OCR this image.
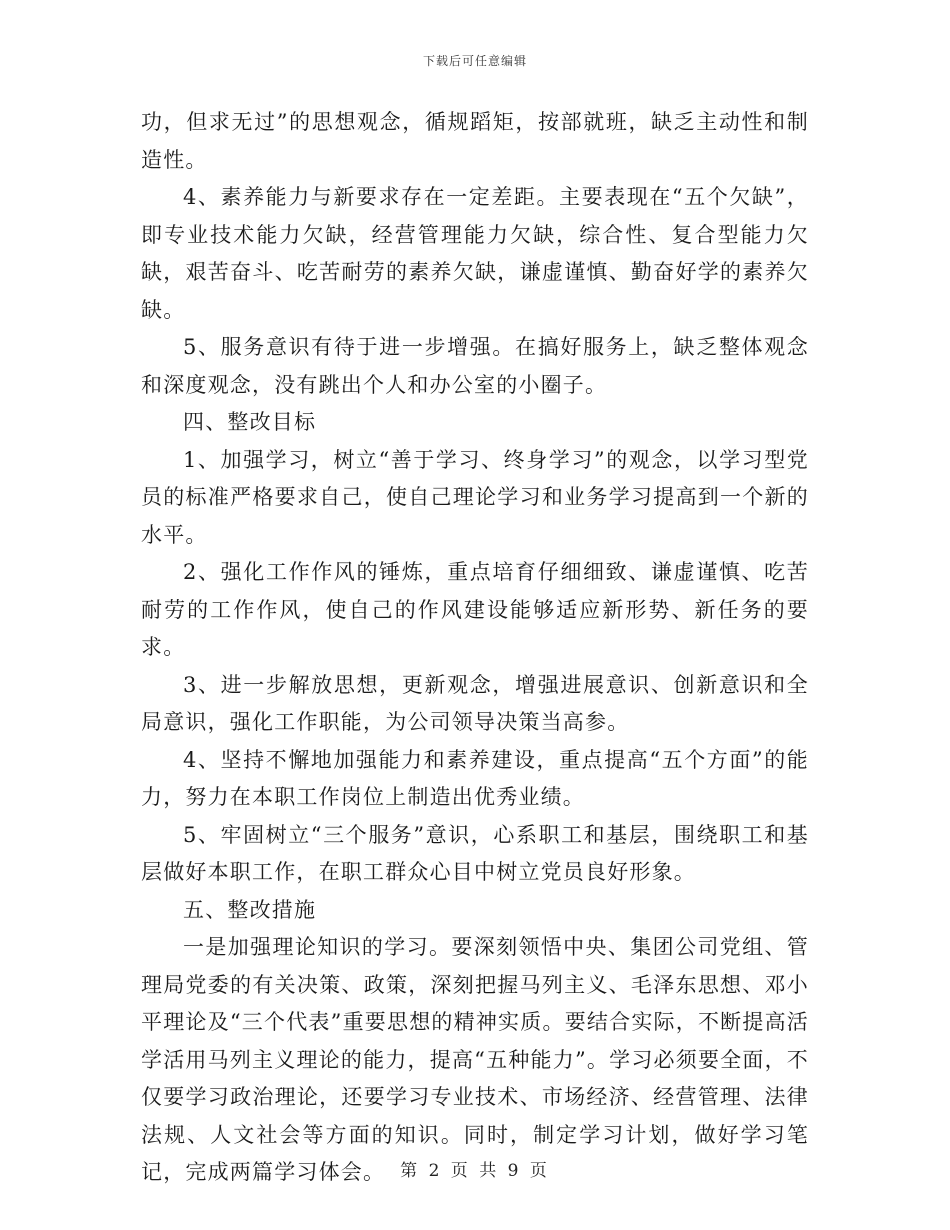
下载后可任意编辑

功，但求无过”的思想观念，循规蹈矩，按部就班，缺乏主动性和制造性。

4、素养能力与新要求存在一定差距。主要表现在“五个欠缺”，即专业技术能力欠缺，经营管理能力欠缺，综合性、复合型能力欠缺，艰苦奋斗、吃苦耐劳的素养欠缺，谦虚谨慎、勤奋好学的素养欠缺。

5、服务意识有待于进一步增强。在搞好服务上，缺乏整体观念和深度观念，没有跳出个人和办公室的小圈子。

四、整改目标

1、加强学习，树立“善于学习、终身学习”的观念，以学习型党员的标准严格要求自己，使自己理论学习和业务学习提高到一个新的水平。

2、强化工作作风的锤炼，重点培育仔细细致、谦虚谨慎、吃苦耐劳的工作作风，使自己的作风建设能够适应新形势、新任务的要求。

3、进一步解放思想，更新观念，增强进展意识、创新意识和全局意识，强化工作职能，为公司领导决策当高参。

4、坚持不懈地加强能力和素养建设，重点提高“五个方面”的能力，努力在本职工作岗位上制造出优秀业绩。

5、牢固树立“三个服务”意识，心系职工和基层，围绕职工和基层做好本职工作，在职工群众心目中树立党员良好形象。

五、整改措施

一是加强理论知识的学习。要深刻领悟中央、集团公司党组、管理局党委的有关决策、政策，深刻把握马列主义、毛泽东思想、邓小平理论及“三个代表”重要思想的精神实质。要结合实际，不断提高活学活用马列主义理论的能力，提高“五种能力”。学习必须要全面，不仅要学习政治理论，还要学习专业技术、市场经济、经营管理、法律法规、人文社会等方面的知识。同时，制定学习计划，做好学习笔记，完成两篇学习体会。 第 2 页 共 9 页
